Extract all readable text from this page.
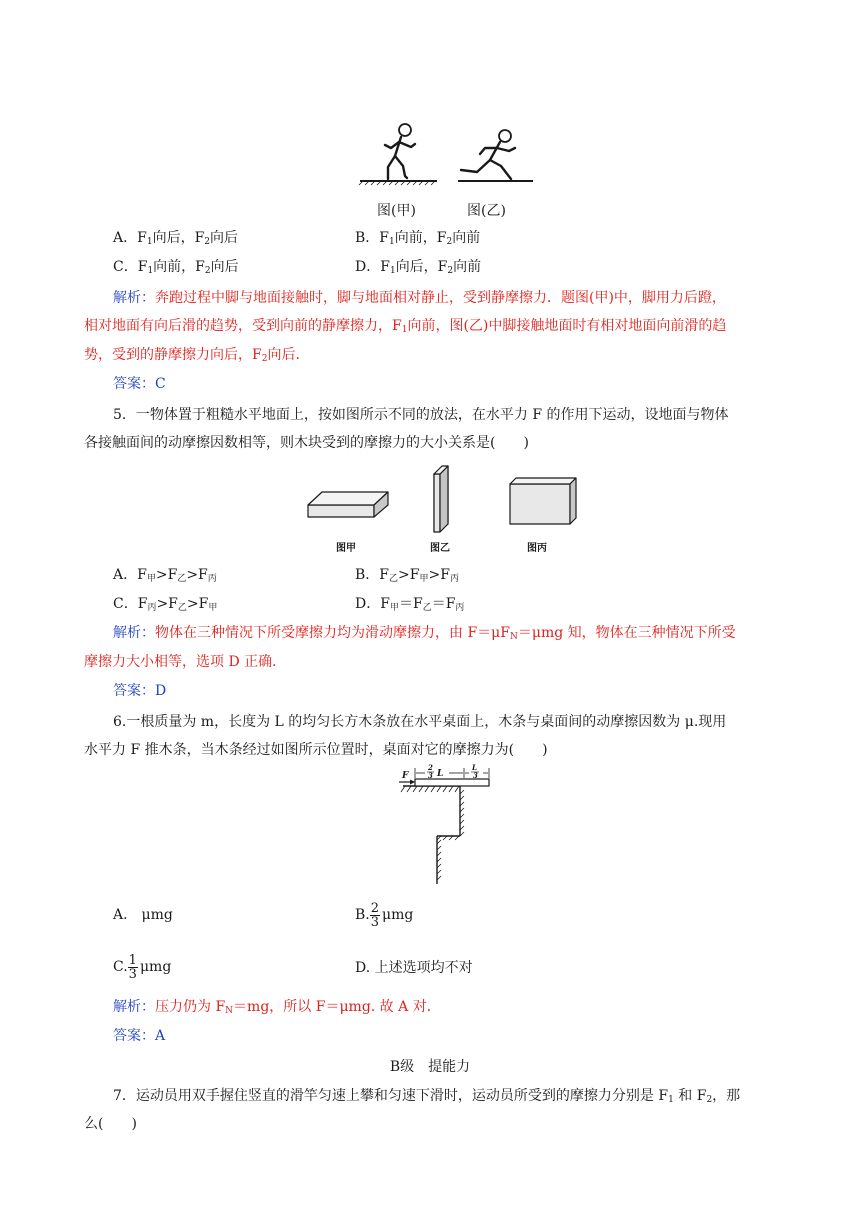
图(甲)	图(乙)
A．$F_1$向后，$F_2$向后	B．$F_1$向前，$F_2$向前
C．$F_1$向前，$F_2$向后	D．$F_1$向后，$F_2$向前
解析：奔跑过程中脚与地面接触时，脚与地面相对静止，受到静摩擦力．题图(甲)中，脚用力后蹬，
相对地面有向后滑的趋势，受到向前的静摩擦力，$F_1$向前，图(乙)中脚接触地面时有相对地面向前滑的趋
势，受到的静摩擦力向后，$F_2$向后．
答案：C
5．一物体置于粗糙水平地面上，按如图所示不同的放法，在水平力 F 的作用下运动，设地面与物体
各接触面间的动摩擦因数相等，则木块受到的摩擦力的大小关系是(　　)
图甲	图乙	图丙
A．$F_甲>F_乙>F_丙$	B．$F_乙>F_甲>F_丙$
C．$F_丙>F_乙>F_甲$	D．$F_甲=F_乙=F_丙$
解析：物体在三种情况下所受摩擦力均为滑动摩擦力，由 $F=\mu F_N=\mu mg$ 知，物体在三种情况下所受
摩擦力大小相等，选项 D 正确．
答案：D
6.一根质量为 m，长度为 L 的均匀长方木条放在水平桌面上，木条与桌面间的动摩擦因数为 μ.现用
水平力 F 推木条，当木条经过如图所示位置时，桌面对它的摩擦力为(　　)
F
2
3 L
L
3
A． μmg	B. $\frac{2}{3}$ μmg
C. $\frac{1}{3}$ μmg	D. 上述选项均不对
解析：压力仍为 $F_N=mg$，所以 F＝μmg. 故 A 对．
答案：A
B级　提能力
7．运动员用双手握住竖直的滑竿匀速上攀和匀速下滑时，运动员所受到的摩擦力分别是 $F_1$ 和 $F_2$，那
么(　　)
